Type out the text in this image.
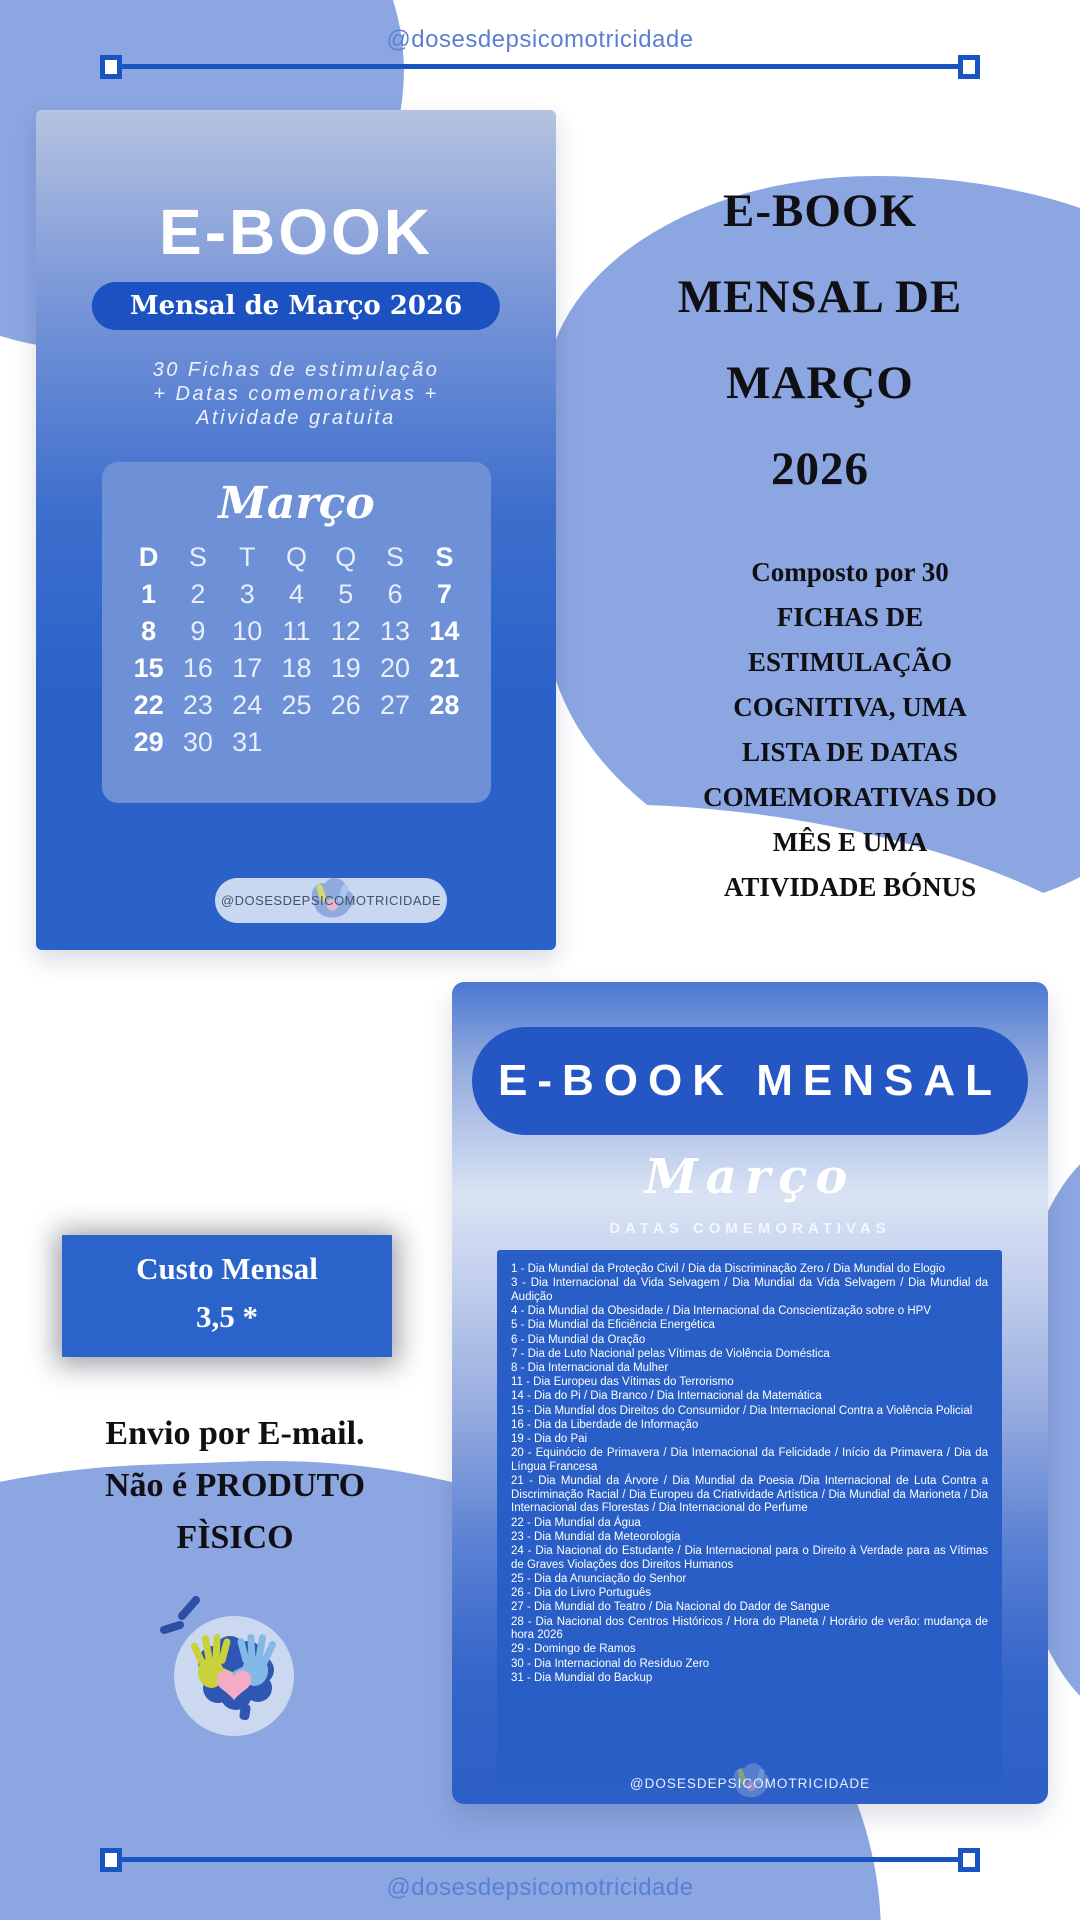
@dosesdepsicomotricidade
E-BOOK
Mensal de Março 2026
30 Fichas de estimulação
+ Datas comemorativas +
Atividade gratuita
Março
D	S	T	Q	Q	S	S
1	2	3	4	5	6	7
8	9 10 11 12 13 14
15 16 17 18 19 20 21
22 23 24 25 26 27 28
29 30 31
@DOSESDEPSICOMOTRICIDADE
E-BOOK
MENSAL DE
MARÇO
2026
Composto por 30
FICHAS DE
ESTIMULAÇÃO
COGNITIVA, UMA
LISTA DE DATAS
COMEMORATIVAS DO
MÊS E UMA
ATIVIDADE BÓNUS
Custo Mensal
3,5 *
Envio por E-mail.
Não é PRODUTO
FÌSICO
E-BOOK MENSAL
Março
DATAS COMEMORATIVAS

1 - Dia Mundial da Proteção Civil / Dia da Discriminação Zero / Dia Mundial do Elogio

3 - Dia Internacional da Vida Selvagem / Dia Mundial da Vida Selvagem / Dia Mundial da Audição

4 - Dia Mundial da Obesidade / Dia Internacional da Conscientização sobre o HPV

5 - Dia Mundial da Eficiência Energética

6 - Dia Mundial da Oração

7 - Dia de Luto Nacional pelas Vítimas de Violência Doméstica

8 - Dia Internacional da Mulher

11 - Dia Europeu das Vítimas do Terrorismo

14 - Dia do Pi / Dia Branco / Dia Internacional da Matemática

15 - Dia Mundial dos Direitos do Consumidor / Dia Internacional Contra a Violência Policial

16 - Dia da Liberdade de Informação

19 - Dia do Pai

20 - Equinócio de Primavera / Dia Internacional da Felicidade / Início da Primavera / Dia da Língua Francesa

21 - Dia Mundial da Árvore / Dia Mundial da Poesia /Dia Internacional de Luta Contra a Discriminação Racial / Dia Europeu da Criatividade Artística / Dia Mundial da Marioneta / Dia Internacional das Florestas / Dia Internacional do Perfume

22 - Dia Mundial da Água

23 - Dia Mundial da Meteorologia

24 - Dia Nacional do Estudante / Dia Internacional para o Direito à Verdade para as Vítimas de Graves Violações dos Direitos Humanos

25 - Dia da Anunciação do Senhor

26 - Dia do Livro Português

27 - Dia Mundial do Teatro / Dia Nacional do Dador de Sangue

28 - Dia Nacional dos Centros Históricos / Hora do Planeta / Horário de verão: mudança de hora 2026

29 - Domingo de Ramos

30 - Dia Internacional do Resíduo Zero

31 - Dia Mundial do Backup

@DOSESDEPSICOMOTRICIDADE
@dosesdepsicomotricidade
